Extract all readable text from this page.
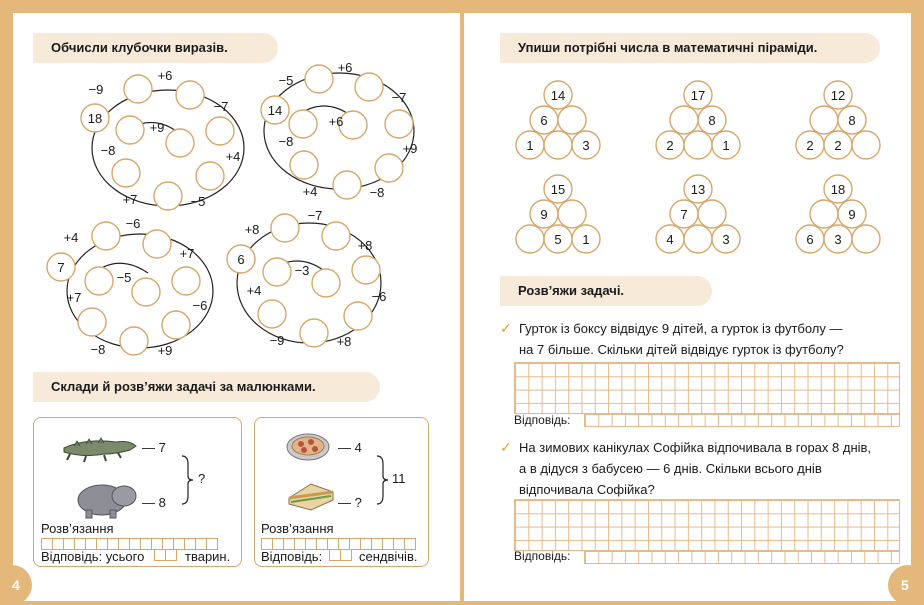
Обчисли клубочки виразів.
18
−9
+6
−7
+4
−5
+7
−8
+9
14
−5
+6
−7
+9
−8
+4
−8
+6
7
+4
−6
+7
−6
+9
−8
+7
−5
6
+8
−7
+8
−6
+8
−9
+4
−3
Склади й розв’яжи задачі за малюнками.
— 7
— 8
?
Розв’язання
Відповідь: усього	тварин.
— 4
— ?
11
Розв’язання
Відповідь:	сендвічів.
4
Упиши потрібні числа в математичні піраміди.
14
6
1	3
17
8
2	1
12
8
2 2
15
9
5 1
13
7
4	3
18
9
6 3
Розв’яжи задачі.
✓ Гурток із боксу відвідує 9 дітей, а гурток із футболу —
на 7 більше. Скільки дітей відвідує гурток із футболу?
Відповідь:
✓ На зимових канікулах Софійка відпочивала в горах 8 днів,
а в дідуся з бабусею — 6 днів. Скільки всього днів
відпочивала Софійка?
Відповідь:
5
